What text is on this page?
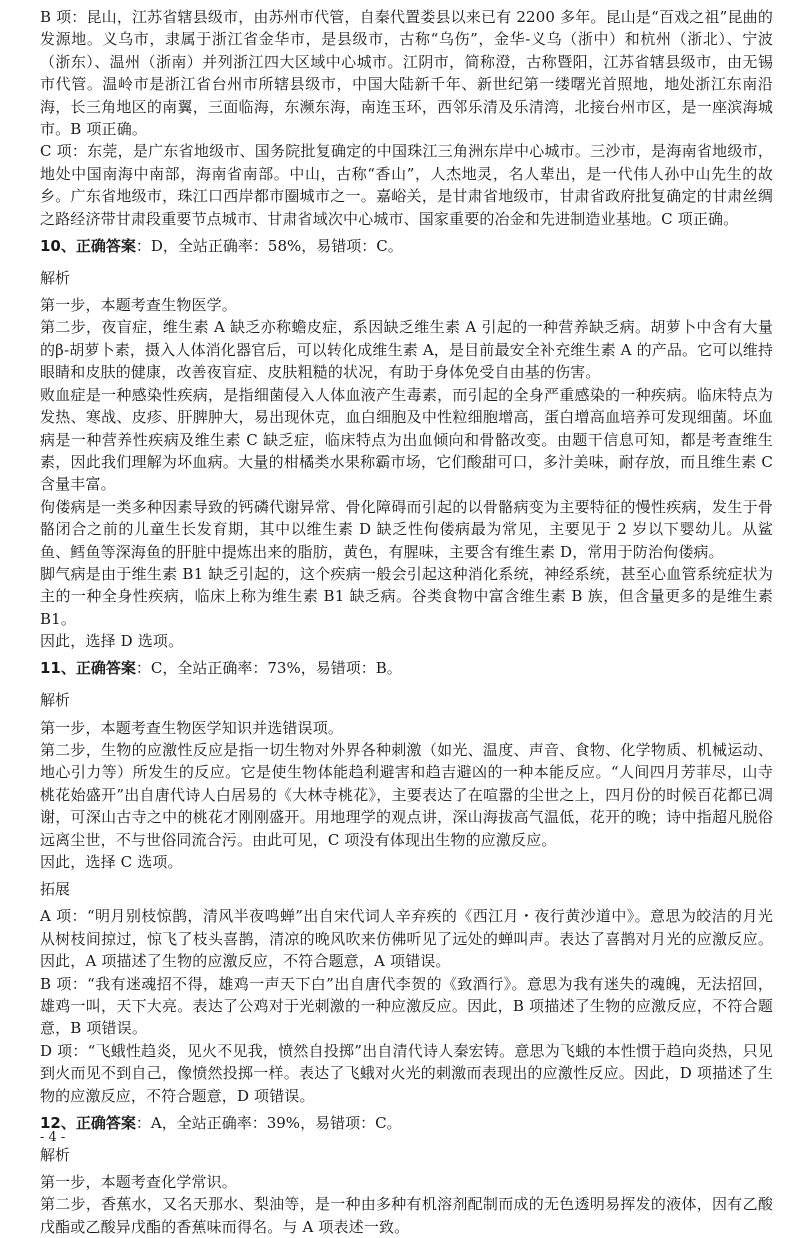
B 项：昆山，江苏省辖县级市，由苏州市代管，自秦代置娄县以来已有 2200 多年。昆山是“百戏之祖”昆曲的发源地。义乌市，隶属于浙江省金华市，是县级市，古称“乌伤”，金华-义乌（浙中）和杭州（浙北）、宁波（浙东）、温州（浙南）并列浙江四大区域中心城市。江阴市，简称澄，古称暨阳，江苏省辖县级市，由无锡市代管。温岭市是浙江省台州市所辖县级市，中国大陆新千年、新世纪第一缕曙光首照地，地处浙江东南沿海，长三角地区的南翼，三面临海，东濒东海，南连玉环，西邻乐清及乐清湾，北接台州市区，是一座滨海城市。B 项正确。

C 项：东莞，是广东省地级市、国务院批复确定的中国珠江三角洲东岸中心城市。三沙市，是海南省地级市，地处中国南海中南部，海南省南部。中山，古称“香山”，人杰地灵，名人辈出，是一代伟人孙中山先生的故乡。广东省地级市，珠江口西岸都市圈城市之一。嘉峪关，是甘肃省地级市，甘肃省政府批复确定的甘肃丝绸之路经济带甘肃段重要节点城市、甘肃省域次中心城市、国家重要的冶金和先进制造业基地。C 项正确。

10、 正确答案 ：D，全站正确率：58%，易错项：C。
解析

第一步，本题考查生物医学。

第二步，夜盲症，维生素 A 缺乏亦称蟾皮症，系因缺乏维生素 A 引起的一种营养缺乏病。胡萝卜中含有大量的β-胡萝卜素，摄入人体消化器官后，可以转化成维生素 A，是目前最安全补充维生素 A 的产品。它可以维持眼睛和皮肤的健康，改善夜盲症、皮肤粗糙的状况，有助于身体免受自由基的伤害。

败血症是一种感染性疾病，是指细菌侵入人体血液产生毒素，而引起的全身严重感染的一种疾病。临床特点为发热、寒战、皮疹、肝脾肿大，易出现休克，血白细胞及中性粒细胞增高，蛋白增高血培养可发现细菌。坏血病是一种营养性疾病及维生素 C 缺乏症，临床特点为出血倾向和骨骼改变。由题干信息可知，都是考查维生素，因此我们理解为坏血病。大量的柑橘类水果称霸市场，它们酸甜可口，多汁美味，耐存放，而且维生素 C 含量丰富。

佝偻病是一类多种因素导致的钙磷代谢异常、骨化障碍而引起的以骨骼病变为主要特征的慢性疾病，发生于骨骼闭合之前的儿童生长发育期，其中以维生素 D 缺乏性佝偻病最为常见，主要见于 2 岁以下婴幼儿。从鲨鱼、鳕鱼等深海鱼的肝脏中提炼出来的脂肪，黄色，有腥味，主要含有维生素 D，常用于防治佝偻病。

脚气病是由于维生素 B1 缺乏引起的，这个疾病一般会引起这种消化系统，神经系统，甚至心血管系统症状为主的一种全身性疾病，临床上称为维生素 B1 缺乏病。谷类食物中富含维生素 B 族，但含量更多的是维生素 B1。

因此，选择 D 选项。

11、 正确答案 ：C，全站正确率：73%，易错项：B。
解析

第一步，本题考查生物医学知识并选错误项。

第二步，生物的应激性反应是指一切生物对外界各种刺激（如光、温度、声音、食物、化学物质、机械运动、地心引力等）所发生的反应。它是使生物体能趋利避害和趋吉避凶的一种本能反应。“人间四月芳菲尽，山寺桃花始盛开”出自唐代诗人白居易的《大林寺桃花》，主要表达了在喧嚣的尘世之上，四月份的时候百花都已凋谢，可深山古寺之中的桃花才刚刚盛开。用地理学的观点讲，深山海拔高气温低，花开的晚；诗中指超凡脱俗远离尘世，不与世俗同流合污。由此可见，C 项没有体现出生物的应激反应。

因此，选择 C 选项。

拓展

A 项：“明月别枝惊鹊，清风半夜鸣蝉”出自宋代词人辛弃疾的《西江月・夜行黄沙道中》。意思为皎洁的月光从树枝间掠过，惊飞了枝头喜鹊，清凉的晚风吹来仿佛听见了远处的蝉叫声。表达了喜鹊对月光的应激反应。因此，A 项描述了生物的应激反应，不符合题意，A 项错误。

B 项：“我有迷魂招不得，雄鸡一声天下白”出自唐代李贺的《致酒行》。意思为我有迷失的魂魄，无法招回，雄鸡一叫，天下大亮。表达了公鸡对于光刺激的一种应激反应。因此，B 项描述了生物的应激反应，不符合题意，B 项错误。

D 项：“飞蛾性趋炎，见火不见我，愤然自投掷”出自清代诗人秦宏铸。意思为飞蛾的本性惯于趋向炎热，只见到火而见不到自己，像愤然投掷一样。表达了飞蛾对火光的刺激而表现出的应激性反应。因此，D 项描述了生物的应激反应，不符合题意，D 项错误。

12、 正确答案 ：A，全站正确率：39%，易错项：C。
解析

第一步，本题考查化学常识。

第二步，香蕉水，又名天那水、梨油等，是一种由多种有机溶剂配制而成的无色透明易挥发的液体，因有乙酸戊酯或乙酸异戊酯的香蕉味而得名。与 A 项表述一致。

- 4 -
